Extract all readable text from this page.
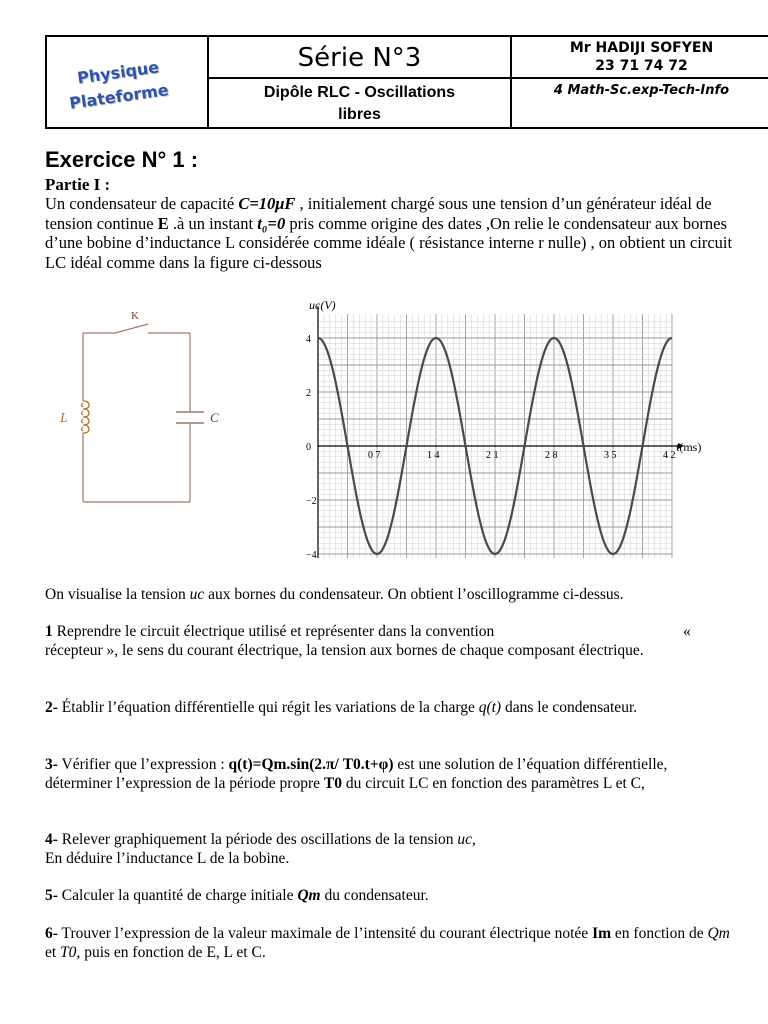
Physique
Plateforme
Série N°3	Mr HADIJI SOFYEN
23 71 74 72
Dipôle RLC - Oscillations
libres
4 Math-Sc.exp-Tech-Info
Exercice N° 1 :
Partie I :
Un condensateur de capacité C=10μF , initialement chargé sous une tension d’un générateur idéal de tension continue E .à un instant t₀=0 pris comme origine des dates ,On relie le condensateur aux bornes d’une bobine d’inductance L considérée comme idéale ( résistance interne r nulle) , on obtient un circuit LC idéal comme dans la figure ci-dessous
K
L	C
4
2
0
−2
−4
0 7	1 4	2 1	2 8	3 5	4 2
uc(V)
t(ms)
On visualise la tension uc aux bornes du condensateur. On obtient l’oscillogramme ci-dessus.
1 Reprendre le circuit électrique utilisé et représenter dans la convention	«

récepteur », le sens du courant électrique, la tension aux bornes de chaque composant électrique.
2- Établir l’équation différentielle qui régit les variations de la charge q(t) dans le condensateur.
3- Vérifier que l’expression : q(t)=Qm.sin(2.π/ T0.t+φ) est une solution de l’équation différentielle, déterminer l’expression de la période propre T0 du circuit LC en fonction des paramètres L et C,
4- Relever graphiquement la période des oscillations de la tension uc,
En déduire l’inductance L de la bobine.
5- Calculer la quantité de charge initiale Qm du condensateur.
6- Trouver l’expression de la valeur maximale de l’intensité du courant électrique notée Im en fonction de Qm et T0, puis en fonction de E, L et C.
